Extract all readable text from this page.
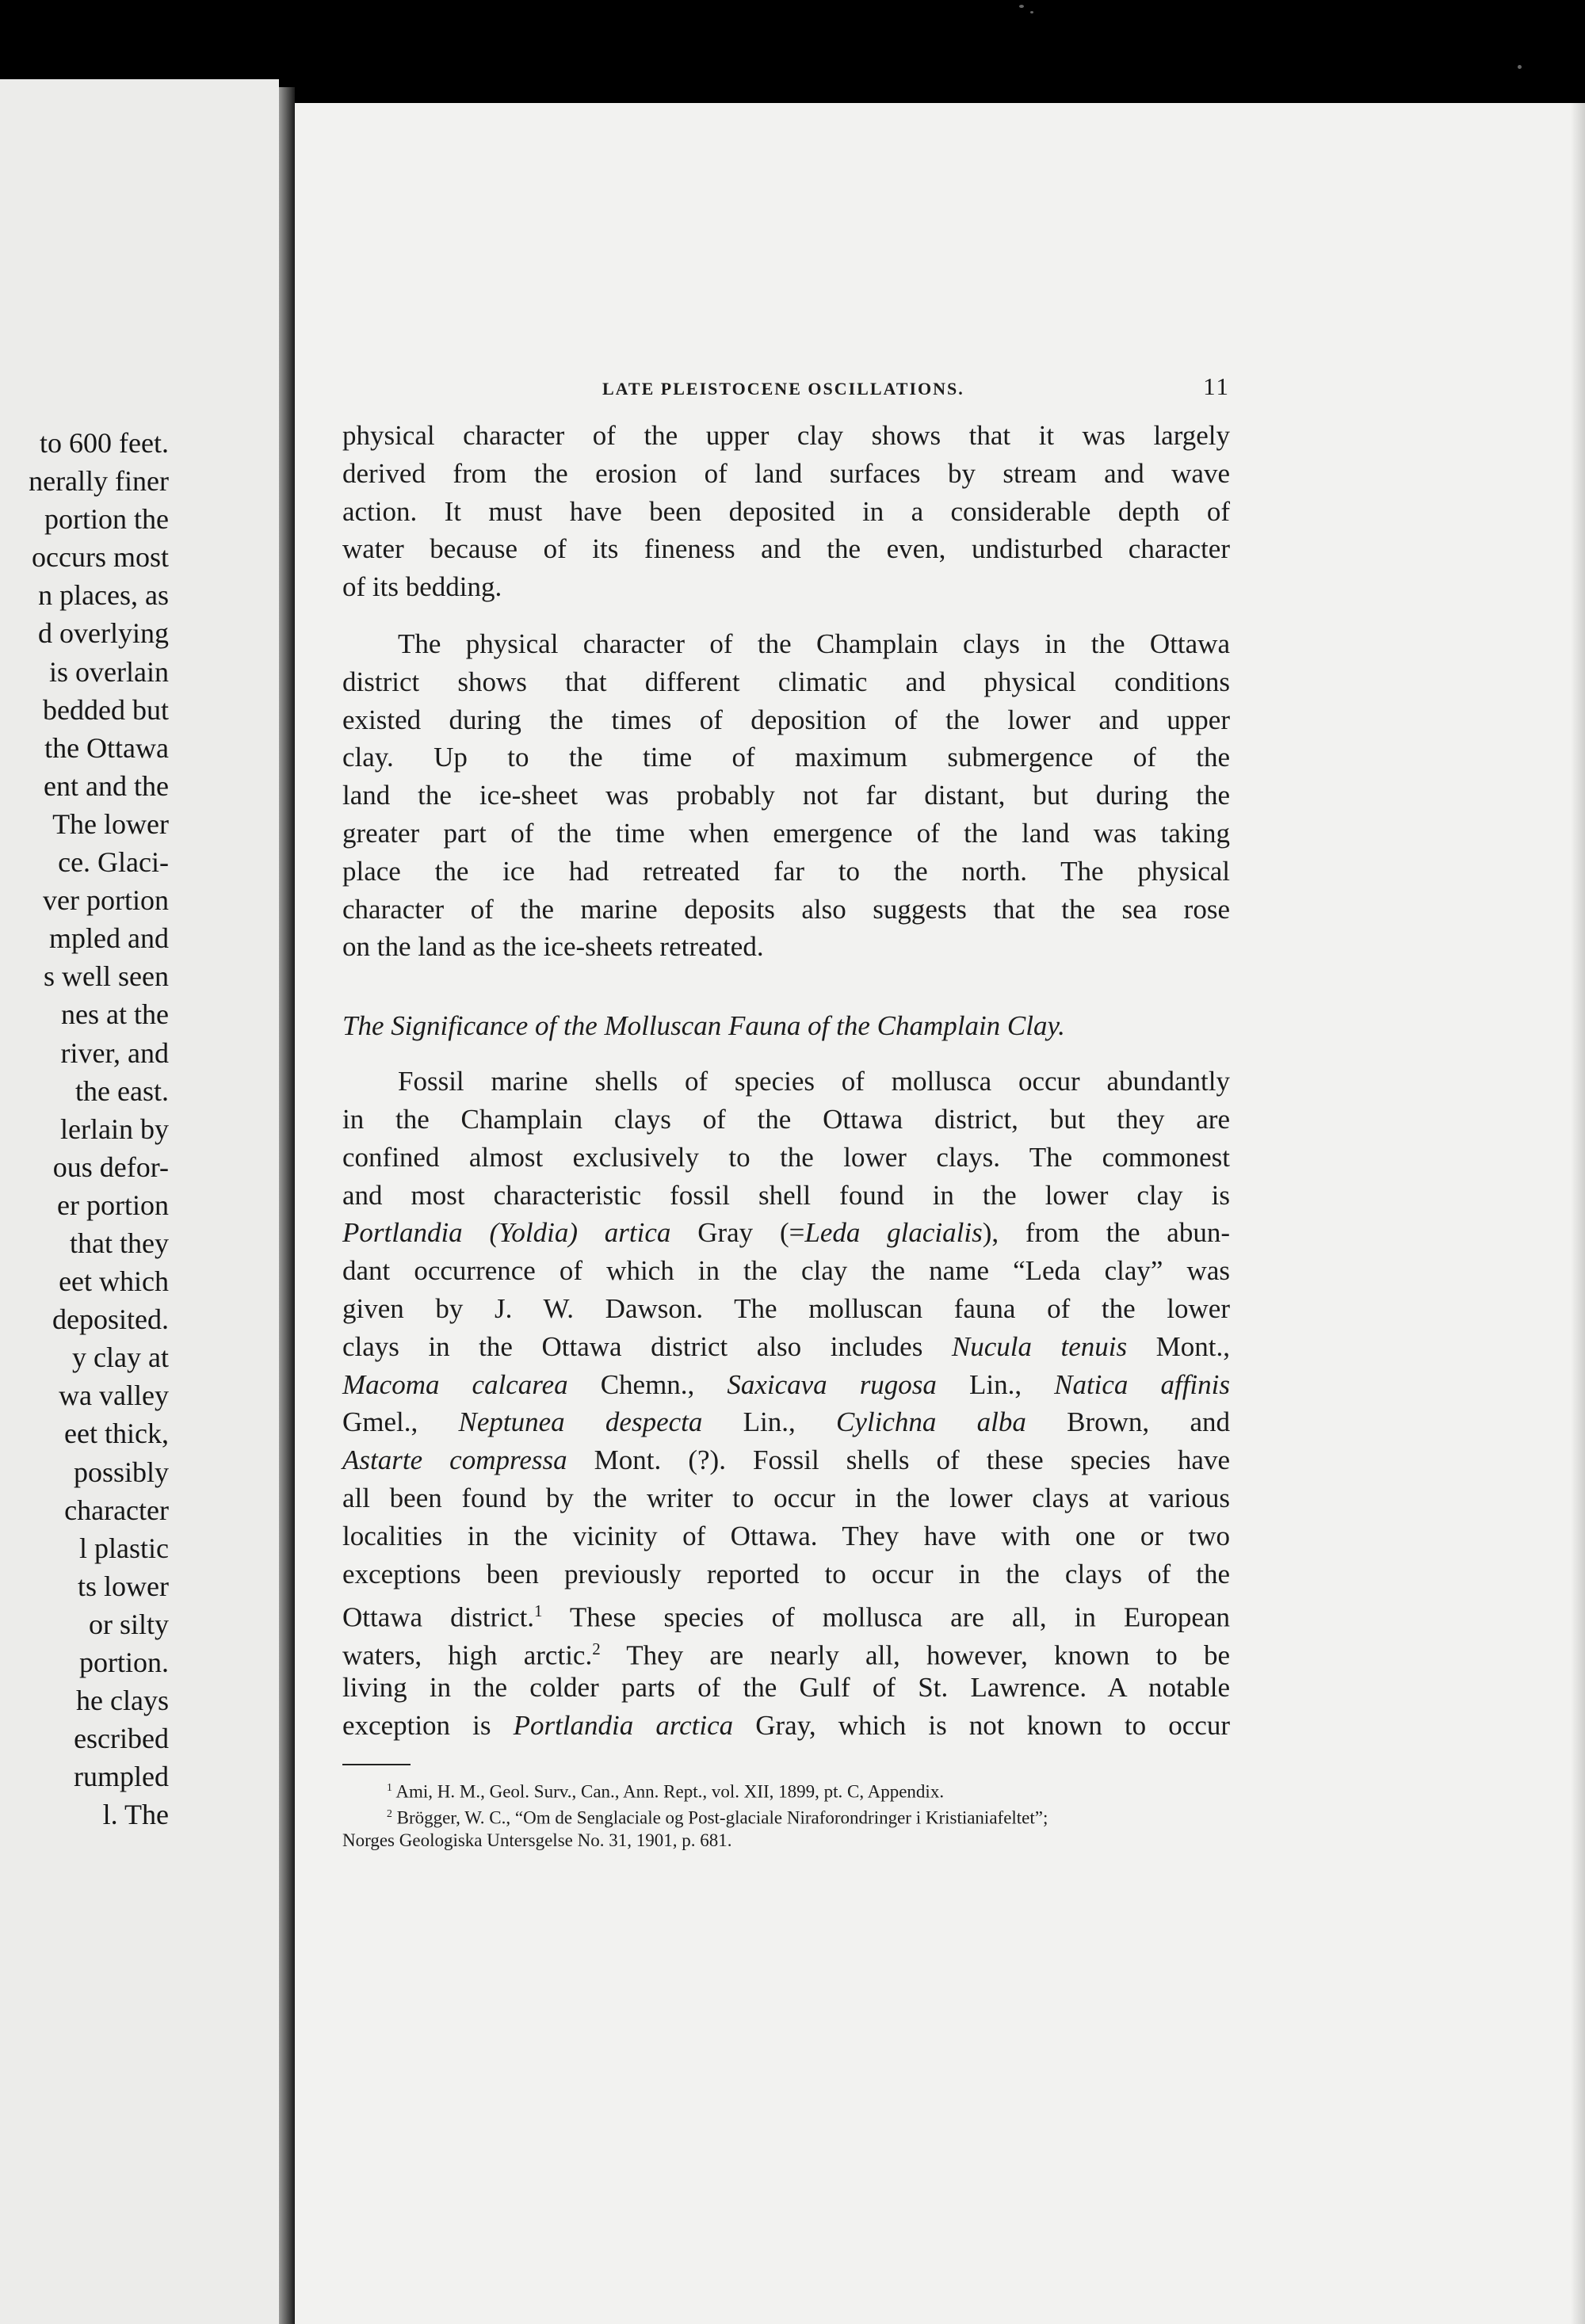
to 600 feet.
nerally finer
portion the
occurs most
n places, as
d overlying
is overlain
bedded but
the Ottawa
ent and the
The lower
ce. Glaci-
ver portion
mpled and
s well seen
nes at the
river, and
the east.
lerlain by
ous defor-
er portion
that they
eet which
deposited.
y clay at
wa valley
eet thick,
possibly
character
l plastic
ts lower
or silty
portion.
he clays
escribed
rumpled
l. The
LATE PLEISTOCENE OSCILLATIONS.	11
physical character of the upper clay shows that it was largely
derived from the erosion of land surfaces by stream and wave
action. It must have been deposited in a considerable depth of
water because of its fineness and the even, undisturbed character
of its bedding.
The physical character of the Champlain clays in the Ottawa
district shows that different climatic and physical conditions
existed during the times of deposition of the lower and upper
clay. Up to the time of maximum submergence of the
land the ice-sheet was probably not far distant, but during the
greater part of the time when emergence of the land was taking
place the ice had retreated far to the north. The physical
character of the marine deposits also suggests that the sea rose
on the land as the ice-sheets retreated.
The Significance of the Molluscan Fauna of the Champlain Clay.
Fossil marine shells of species of mollusca occur abundantly
in the Champlain clays of the Ottawa district, but they are
confined almost exclusively to the lower clays. The commonest
and most characteristic fossil shell found in the lower clay is
Portlandia (Yoldia) artica Gray (=Leda glacialis), from the abun-
dant occurrence of which in the clay the name “Leda clay” was
given by J. W. Dawson. The molluscan fauna of the lower
clays in the Ottawa district also includes Nucula tenuis Mont.,
Macoma calcarea Chemn., Saxicava rugosa Lin., Natica affinis
Gmel., Neptunea despecta Lin., Cylichna alba Brown, and
Astarte compressa Mont. (?). Fossil shells of these species have
all been found by the writer to occur in the lower clays at various
localities in the vicinity of Ottawa. They have with one or two
exceptions been previously reported to occur in the clays of the
Ottawa district.$^1$ These species of mollusca are all, in European
waters, high arctic.$^2$ They are nearly all, however, known to be
living in the colder parts of the Gulf of St. Lawrence. A notable
exception is Portlandia arctica Gray, which is not known to occur
$^1$ Ami, H. M., Geol. Surv., Can., Ann. Rept., vol. XII, 1899, pt. C, Appendix.
$^2$ Brögger, W. C., “Om de Senglaciale og Post-glaciale Niraforondringer i Kristianiafeltet”;
Norges Geologiska Untersgelse No. 31, 1901, p. 681.
